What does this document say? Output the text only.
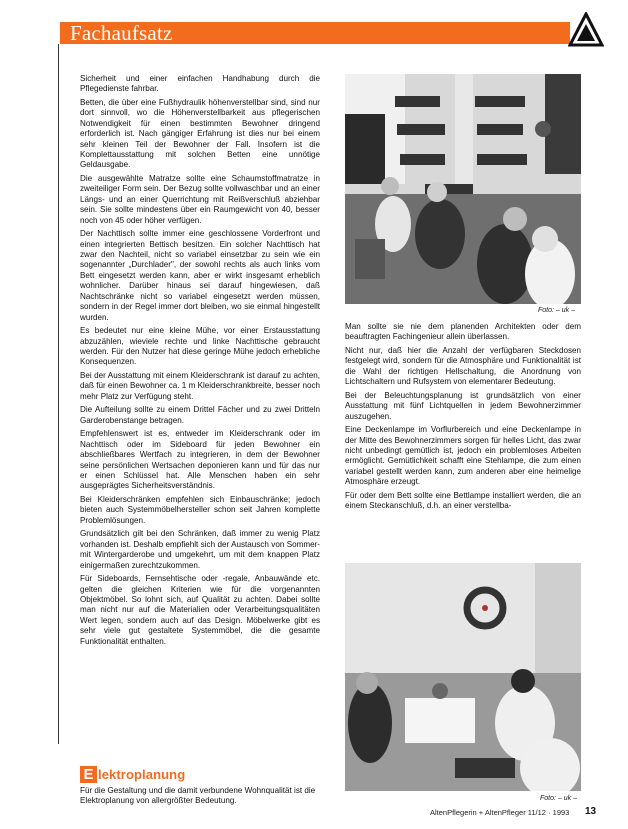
Fachaufsatz

Sicherheit und einer einfachen Handhabung durch die Pflegedienste fahrbar.

Betten, die über eine Fußhydraulik höhenverstellbar sind, sind nur dort sinnvoll, wo die Höhenverstellbarkeit aus pflegerischen Notwendigkeit für einen bestimmten Bewohner dringend erforderlich ist. Nach gängiger Erfahrung ist dies nur bei einem sehr kleinen Teil der Bewohner der Fall. Insofern ist die Komplettausstattung mit solchen Betten eine unnötige Geldausgabe.

Die ausgewählte Matratze sollte eine Schaumstoffmatratze in zweiteiliger Form sein. Der Bezug sollte vollwaschbar und an einer Längs- und an einer Querrichtung mit Reißverschluß abziehbar sein. Sie sollte mindestens über ein Raumgewicht von 40, besser noch von 45 oder höher verfügen.

Der Nachttisch sollte immer eine geschlossene Vorderfront und einen integrierten Bettisch besitzen. Ein solcher Nachttisch hat zwar den Nachteil, nicht so variabel einsetzbar zu sein wie ein sogenannter „Durchlader", der sowohl rechts als auch links vom Bett eingesetzt werden kann, aber er wirkt insgesamt erheblich wohnlicher. Darüber hinaus sei darauf hingewiesen, daß Nachtschränke nicht so variabel eingesetzt werden müssen, sondern in der Regel immer dort bleiben, wo sie einmal hingestellt wurden.

Es bedeutet nur eine kleine Mühe, vor einer Erstausstattung abzuzählen, wieviele rechte und linke Nachttische gebraucht werden. Für den Nutzer hat diese geringe Mühe jedoch erhebliche Konsequenzen.

Bei der Ausstattung mit einem Kleiderschrank ist darauf zu achten, daß für einen Bewohner ca. 1 m Kleiderschrankbreite, besser noch mehr Platz zur Verfügung steht.

Die Aufteilung sollte zu einem Drittel Fächer und zu zwei Dritteln Garderobenstange betragen.

Empfehlenswert ist es, entweder im Kleiderschrank oder im Nachttisch oder im Sideboard für jeden Bewohner ein abschließbares Wertfach zu integrieren, in dem der Bewohner seine persönlichen Wertsachen deponieren kann und für das nur er einen Schlüssel hat. Alle Menschen haben ein sehr ausgeprägtes Sicherheitsverständnis.

Bei Kleiderschränken empfehlen sich Einbauschränke; jedoch bieten auch Systemmöbelhersteller schon seit Jahren komplette Problemlösungen.

Grundsätzlich gilt bei den Schränken, daß immer zu wenig Platz vorhanden ist. Deshalb empfiehlt sich der Austausch von Sommer- mit Wintergarderobe und umgekehrt, um mit dem knappen Platz einigermaßen zurechtzukommen.

Für Sideboards, Fernsehtische oder -regale, Anbauwände etc. gelten die gleichen Kriterien wie für die vorgenannten Objektmöbel. So lohnt sich, auf Qualität zu achten. Dabei sollte man nicht nur auf die Materialien oder Verarbeitungsqualitäten Wert legen, sondern auch auf das Design. Möbelwerke gibt es sehr viele gut gestaltete Systemmöbel, die die gesamte Funktionalität enthalten.

E lektroplanung

Für die Gestaltung und die damit verbundene Wohnqualität ist die Elektroplanung von allergrößter Bedeutung.

Foto: – uk –

Man sollte sie nie dem planenden Architekten oder dem beauftragten Fachingenieur allein überlassen.

Nicht nur, daß hier die Anzahl der verfügbaren Steckdosen festgelegt wird, sondern für die Atmosphäre und Funktionalität ist die Wahl der richtigen Hellschaltung, die Anordnung von Lichtschaltern und Rufsystem von elementarer Bedeutung.

Bei der Beleuchtungsplanung ist grundsätzlich von einer Ausstattung mit fünf Lichtquellen in jedem Bewohnerzimmer auszugehen.

Eine Deckenlampe im Vorflurbereich und eine Deckenlampe in der Mitte des Bewohnerzimmers sorgen für helles Licht, das zwar nicht unbedingt gemütlich ist, jedoch ein problemloses Arbeiten ermöglicht. Gemütlichkeit schafft eine Stehlampe, die zum einen variabel gestellt werden kann, zum anderen aber eine heimelige Atmosphäre erzeugt.

Für oder dem Bett sollte eine Bettlampe installiert werden, die an einem Steckanschluß, d.h. an einer verstellba-

Foto: – uk –
AltenPflegerin + AltenPfleger 11/12 · 1993 13
